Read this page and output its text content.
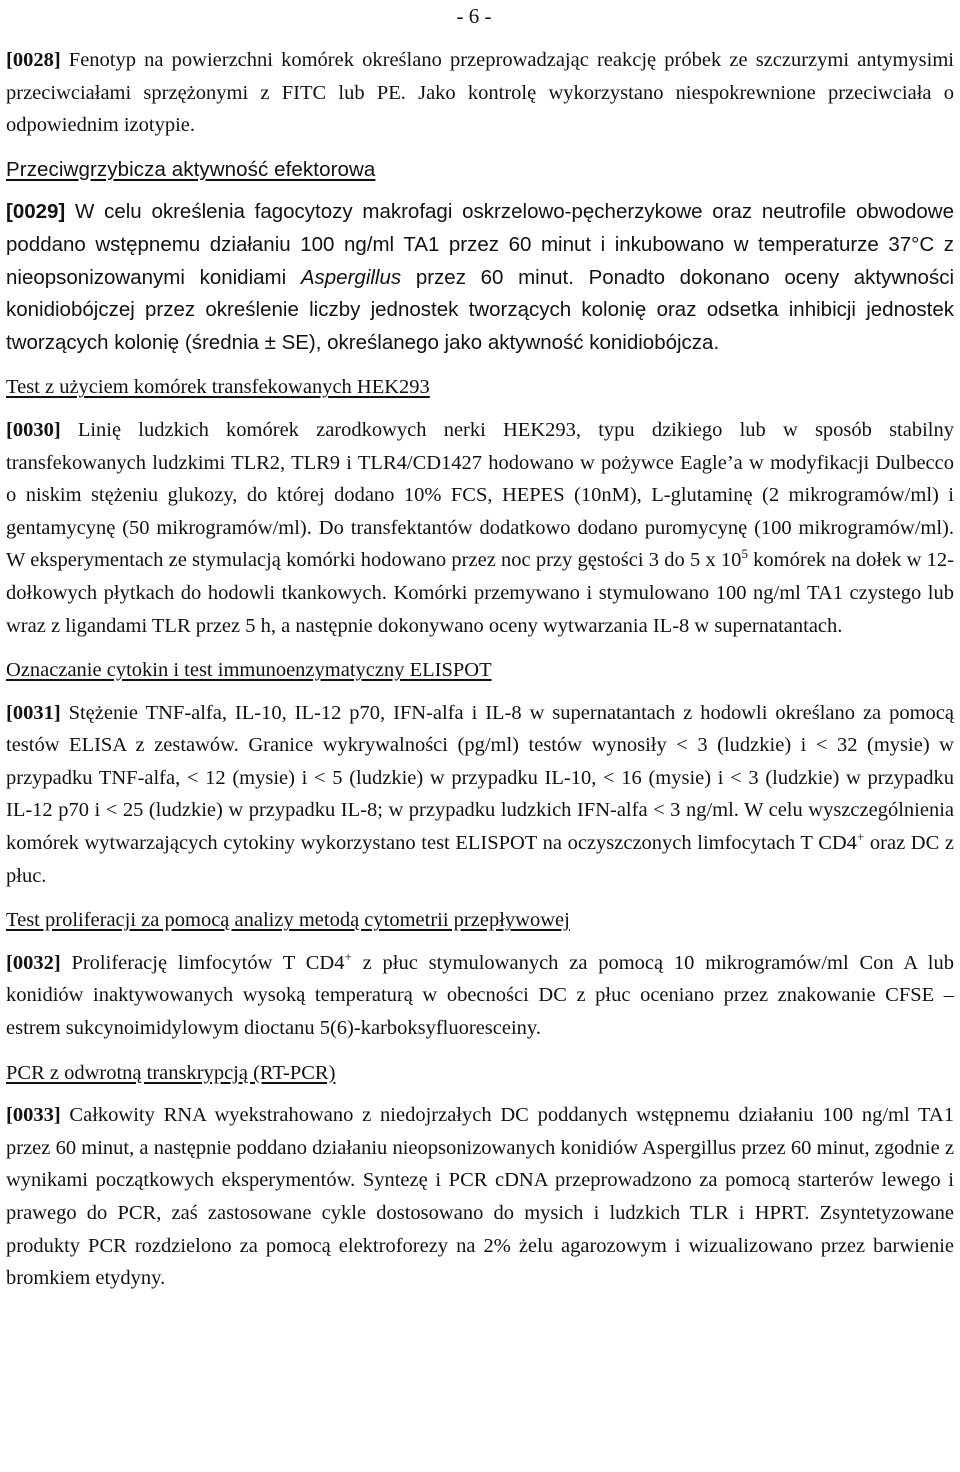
- 6 -

[0028] Fenotyp na powierzchni komórek określano przeprowadzając reakcję próbek ze szczurzymi antymysimi przeciwciałami sprzężonymi z FITC lub PE. Jako kontrolę wykorzystano niespokrewnione przeciwciała o odpowiednim izotypie.

Przeciwgrzybicza aktywność efektorowa

[0029] W celu określenia fagocytozy makrofagi oskrzelowo-pęcherzykowe oraz neutrofile obwodowe poddano wstępnemu działaniu 100 ng/ml TA1 przez 60 minut i inkubowano w temperaturze 37°C z nieopsonizowanymi konidiami Aspergillus przez 60 minut. Ponadto dokonano oceny aktywności konidiobójczej przez określenie liczby jednostek tworzących kolonię oraz odsetka inhibicji jednostek tworzących kolonię (średnia ± SE), określanego jako aktywność konidiobójcza.

Test z użyciem komórek transfekowanych HEK293

[0030] Linię ludzkich komórek zarodkowych nerki HEK293, typu dzikiego lub w sposób stabilny transfekowanych ludzkimi TLR2, TLR9 i TLR4/CD1427 hodowano w pożywce Eagle’a w modyfikacji Dulbecco o niskim stężeniu glukozy, do której dodano 10% FCS, HEPES (10nM), L-glutaminę (2 mikrogramów/ml) i gentamycynę (50 mikrogramów/ml). Do transfektantów dodatkowo dodano puromycynę (100 mikrogramów/ml). W eksperymentach ze stymulacją komórki hodowano przez noc przy gęstości 3 do 5 x $10^5$ komórek na dołek w 12-dołkowych płytkach do hodowli tkankowych. Komórki przemywano i stymulowano 100 ng/ml TA1 czystego lub wraz z ligandami TLR przez 5 h, a następnie dokonywano oceny wytwarzania IL-8 w supernatantach.

Oznaczanie cytokin i test immunoenzymatyczny ELISPOT

[0031] Stężenie TNF-alfa, IL-10, IL-12 p70, IFN-alfa i IL-8 w supernatantach z hodowli określano za pomocą testów ELISA z zestawów. Granice wykrywalności (pg/ml) testów wynosiły < 3 (ludzkie) i < 32 (mysie) w przypadku TNF-alfa, < 12 (mysie) i < 5 (ludzkie) w przypadku IL-10, < 16 (mysie) i < 3 (ludzkie) w przypadku IL-12 p70 i < 25 (ludzkie) w przypadku IL-8; w przypadku ludzkich IFN-alfa < 3 ng/ml. W celu wyszczególnienia komórek wytwarzających cytokiny wykorzystano test ELISPOT na oczyszczonych limfocytach T CD4+ oraz DC z płuc.

Test proliferacji za pomocą analizy metodą cytometrii przepływowej

[0032] Proliferację limfocytów T CD4+ z płuc stymulowanych za pomocą 10 mikrogramów/ml Con A lub konidiów inaktywowanych wysoką temperaturą w obecności DC z płuc oceniano przez znakowanie CFSE – estrem sukcynoimidylowym dioctanu 5(6)-karboksyfluoresceiny.

PCR z odwrotną transkrypcją (RT-PCR)

[0033] Całkowity RNA wyekstrahowano z niedojrzałych DC poddanych wstępnemu działaniu 100 ng/ml TA1 przez 60 minut, a następnie poddano działaniu nieopsonizowanych konidiów Aspergillus przez 60 minut, zgodnie z wynikami początkowych eksperymentów. Syntezę i PCR cDNA przeprowadzono za pomocą starterów lewego i prawego do PCR, zaś zastosowane cykle dostosowano do mysich i ludzkich TLR i HPRT. Zsyntetyzowane produkty PCR rozdzielono za pomocą elektroforezy na 2% żelu agarozowym i wizualizowano przez barwienie bromkiem etydyny.
